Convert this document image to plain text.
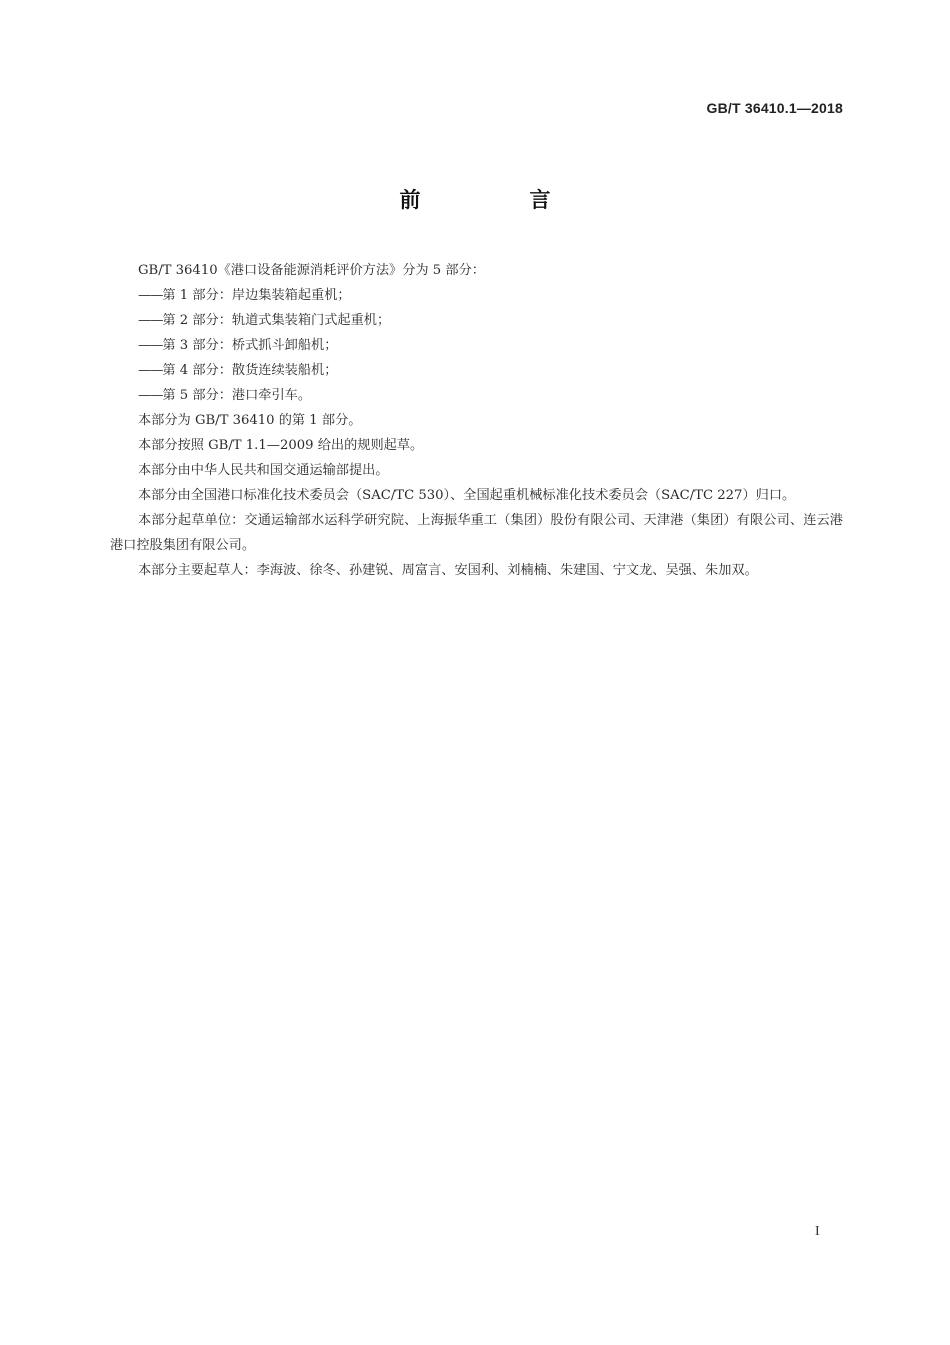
GB/T 36410.1—2018
前　言

GB/T 36410《港口设备能源消耗评价方法》分为 5 部分：

——第 1 部分：岸边集装箱起重机；

——第 2 部分：轨道式集装箱门式起重机；

——第 3 部分：桥式抓斗卸船机；

——第 4 部分：散货连续装船机；

——第 5 部分：港口牵引车。

本部分为 GB/T 36410 的第 1 部分。

本部分按照 GB/T 1.1—2009 给出的规则起草。

本部分由中华人民共和国交通运输部提出。

本部分由全国港口标准化技术委员会（SAC/TC 530）、全国起重机械标准化技术委员会（SAC/TC 227）归口。

本部分起草单位：交通运输部水运科学研究院、上海振华重工（集团）股份有限公司、天津港（集团）有限公司、连云港港口控股集团有限公司。

本部分主要起草人：李海波、徐冬、孙建锐、周富言、安国利、刘楠楠、朱建国、宁文龙、吴强、朱加双。

I
